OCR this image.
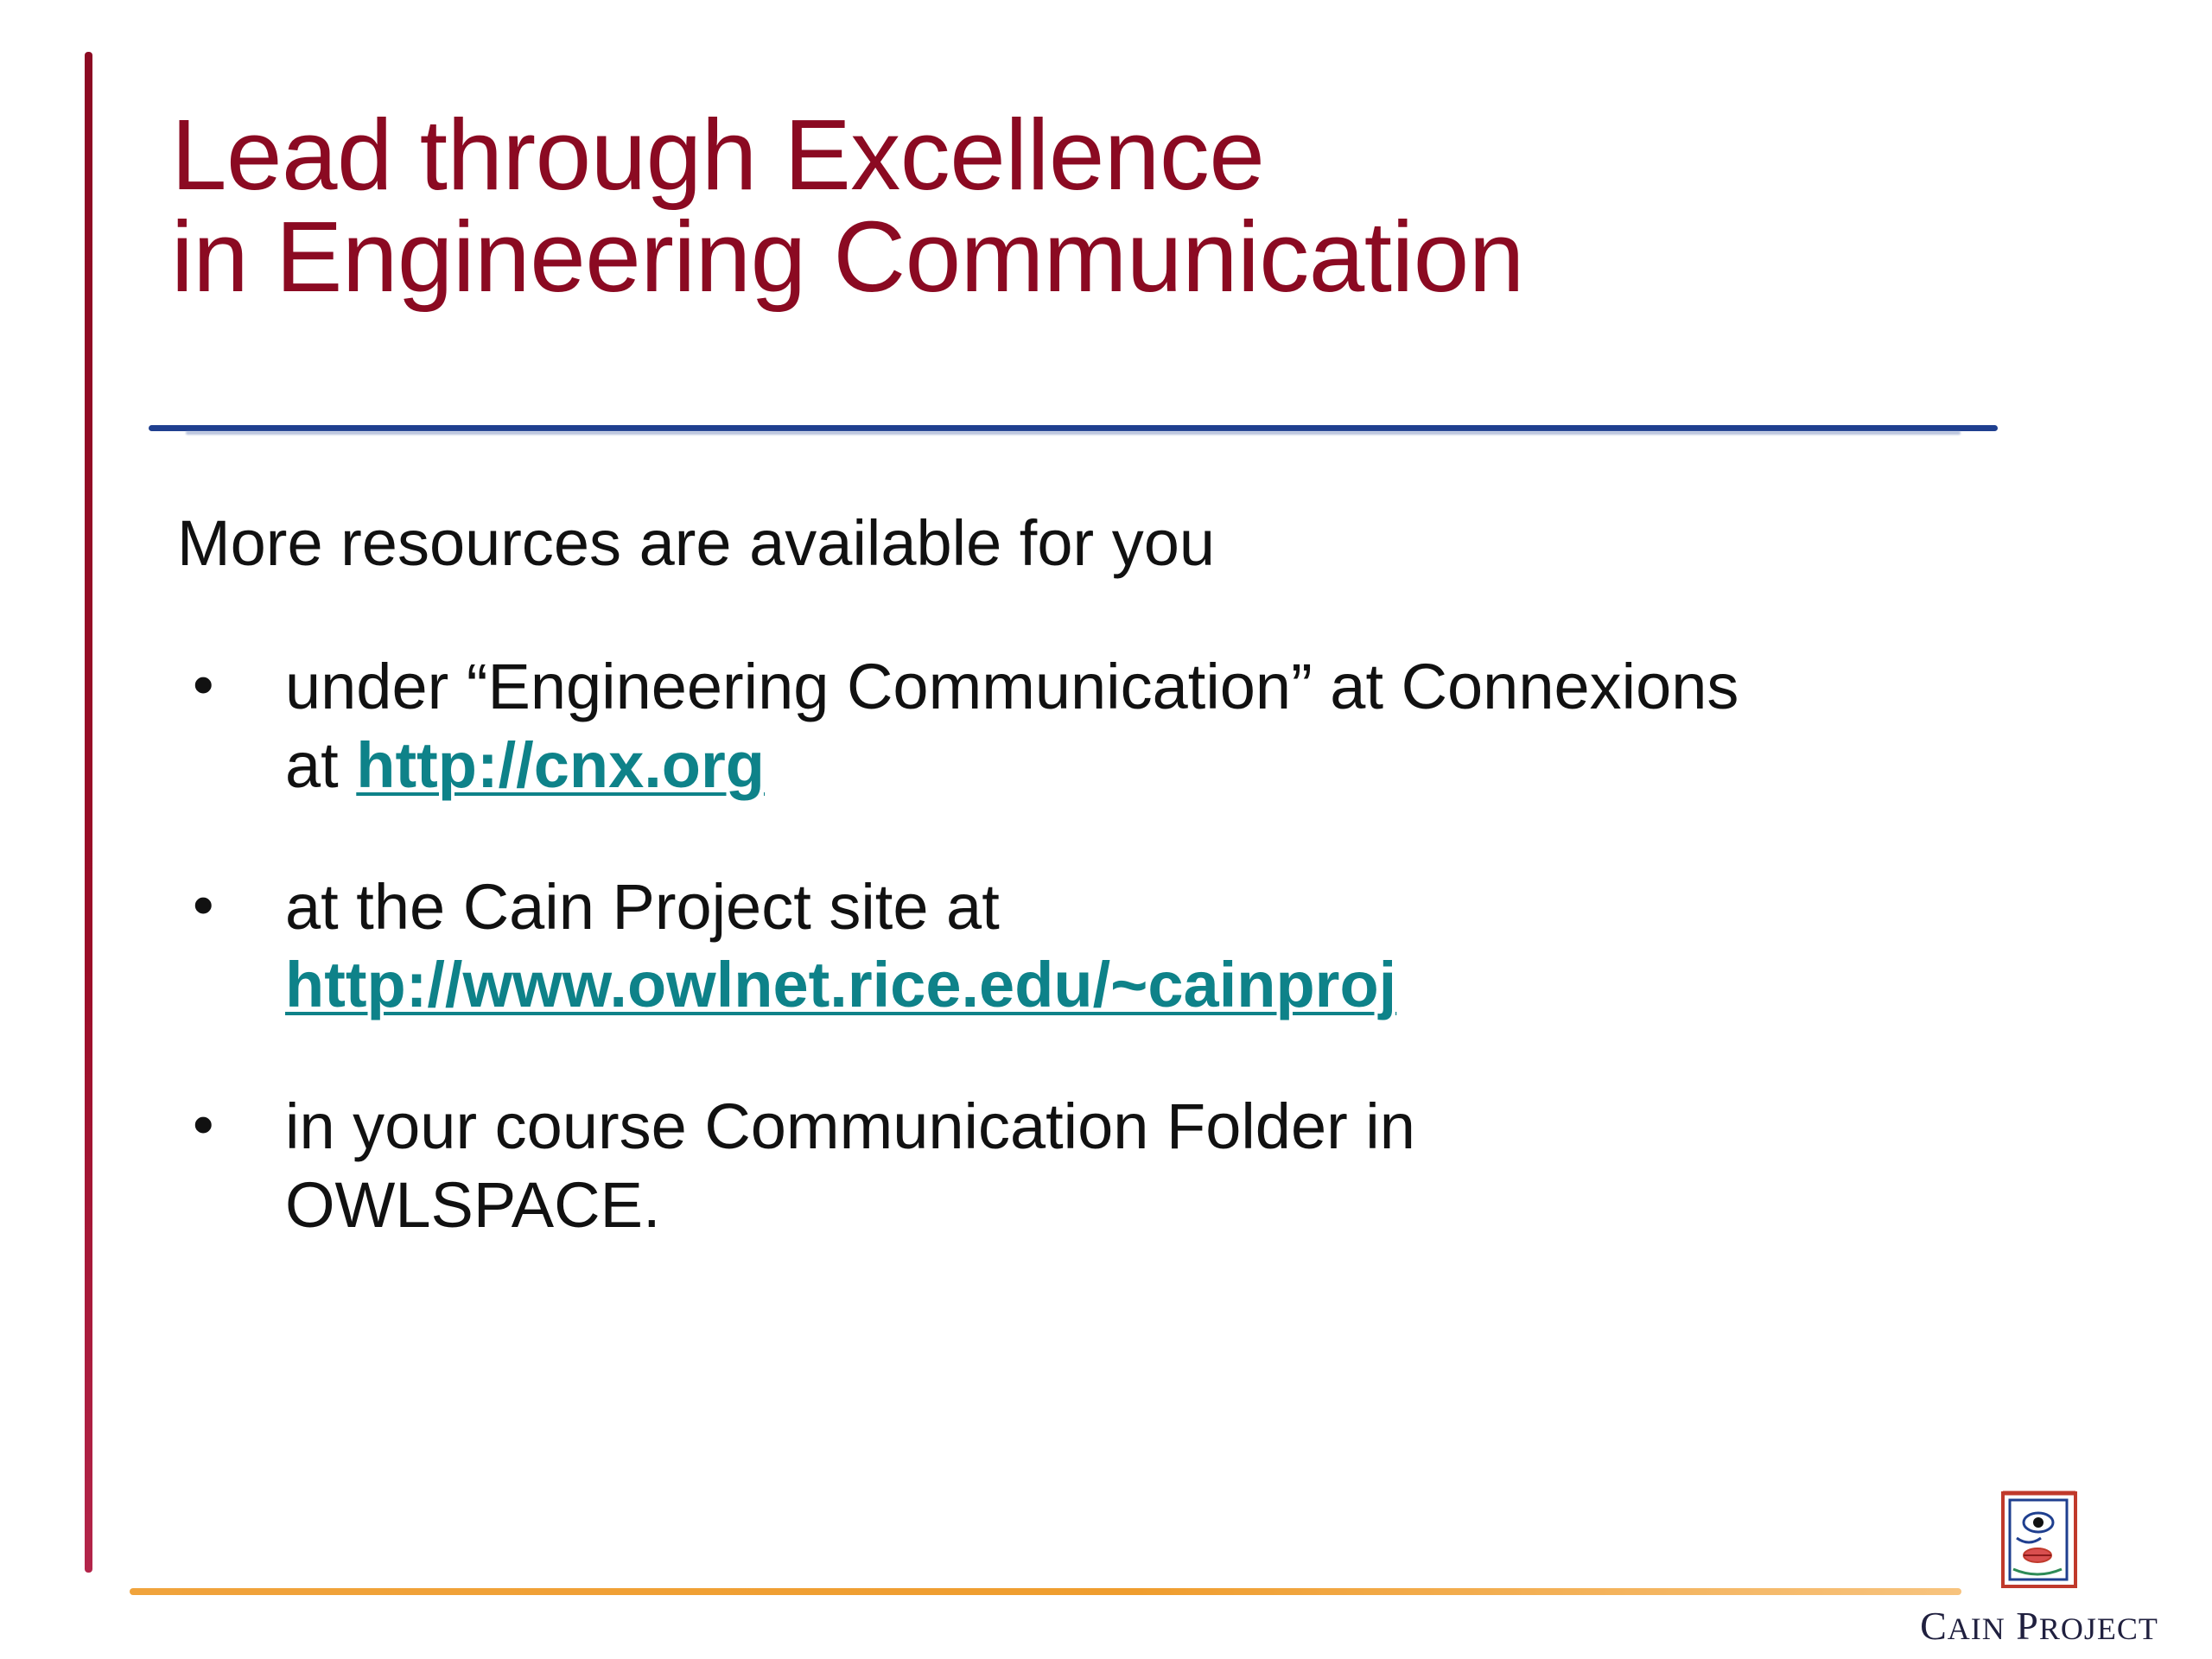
Lead through Excellence
in Engineering Communication
More resources are available for you
•	under “Engineering Communication” at Connexions at http://cnx.org
•	at the Cain Project site at http://www.owlnet.rice.edu/~cainproj
•	in your course Communication Folder in OWLSPACE.
CAIN PROJECT
